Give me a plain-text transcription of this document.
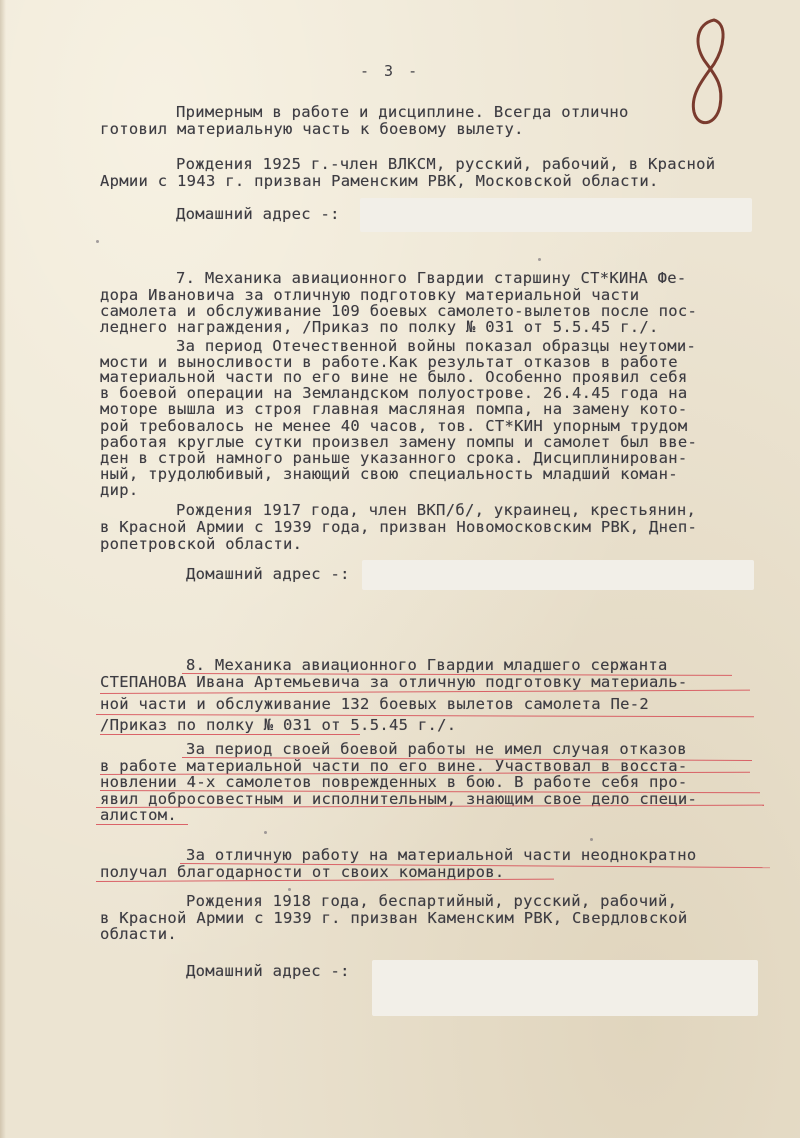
- 3 -
Примерным в работе и дисциплине. Всегда отлично
готовил материальную часть к боевому вылету.
Рождения 1925 г.-член ВЛКСМ, русский, рабочий, в Красной
Армии с 1943 г. призван Раменским РВК, Московской области.
Домашний адрес -:
7. Механика авиационного Гвардии старшину СТ*КИНА Фе-
дора Ивановича за отличную подготовку материальной части
самолета и обслуживание 109 боевых самолето-вылетов после пос-
леднего награждения, /Приказ по полку № 031 от 5.5.45 г./.
За период Отечественной войны показал образцы неутоми-
мости и выносливости в работе.Как результат отказов в работе
материальной части по его вине не было. Особенно проявил себя
в боевой операции на Земландском полуострове. 26.4.45 года на
моторе вышла из строя главная масляная помпа, на замену кото-
рой требовалось не менее 40 часов, тов. СТ*КИН упорным трудом
работая круглые сутки произвел замену помпы и самолет был вве-
ден в строй намного раньше указанного срока. Дисциплинирован-
ный, трудолюбивый, знающий свою специальность младший коман-
дир.
Рождения 1917 года, член ВКП/б/, украинец, крестьянин,
в Красной Армии с 1939 года, призван Новомосковским РВК, Днеп-
ропетровской области.
Домашний адрес -:
8. Механика авиационного Гвардии младшего сержанта
СТЕПАНОВА Ивана Артемьевича за отличную подготовку материаль-
ной части и обслуживание 132 боевых вылетов самолета Пе-2
/Приказ по полку № 031 от 5.5.45 г./.
За период своей боевой работы не имел случая отказов
в работе материальной части по его вине. Участвовал в восста-
новлении 4-х самолетов поврежденных в бою. В работе себя про-
явил добросовестным и исполнительным, знающим свое дело специ-
алистом.
За отличную работу на материальной части неоднократно
получал благодарности от своих командиров.
Рождения 1918 года, беспартийный, русский, рабочий,
в Красной Армии с 1939 г. призван Каменским РВК, Свердловской
области.
Домашний адрес -:
